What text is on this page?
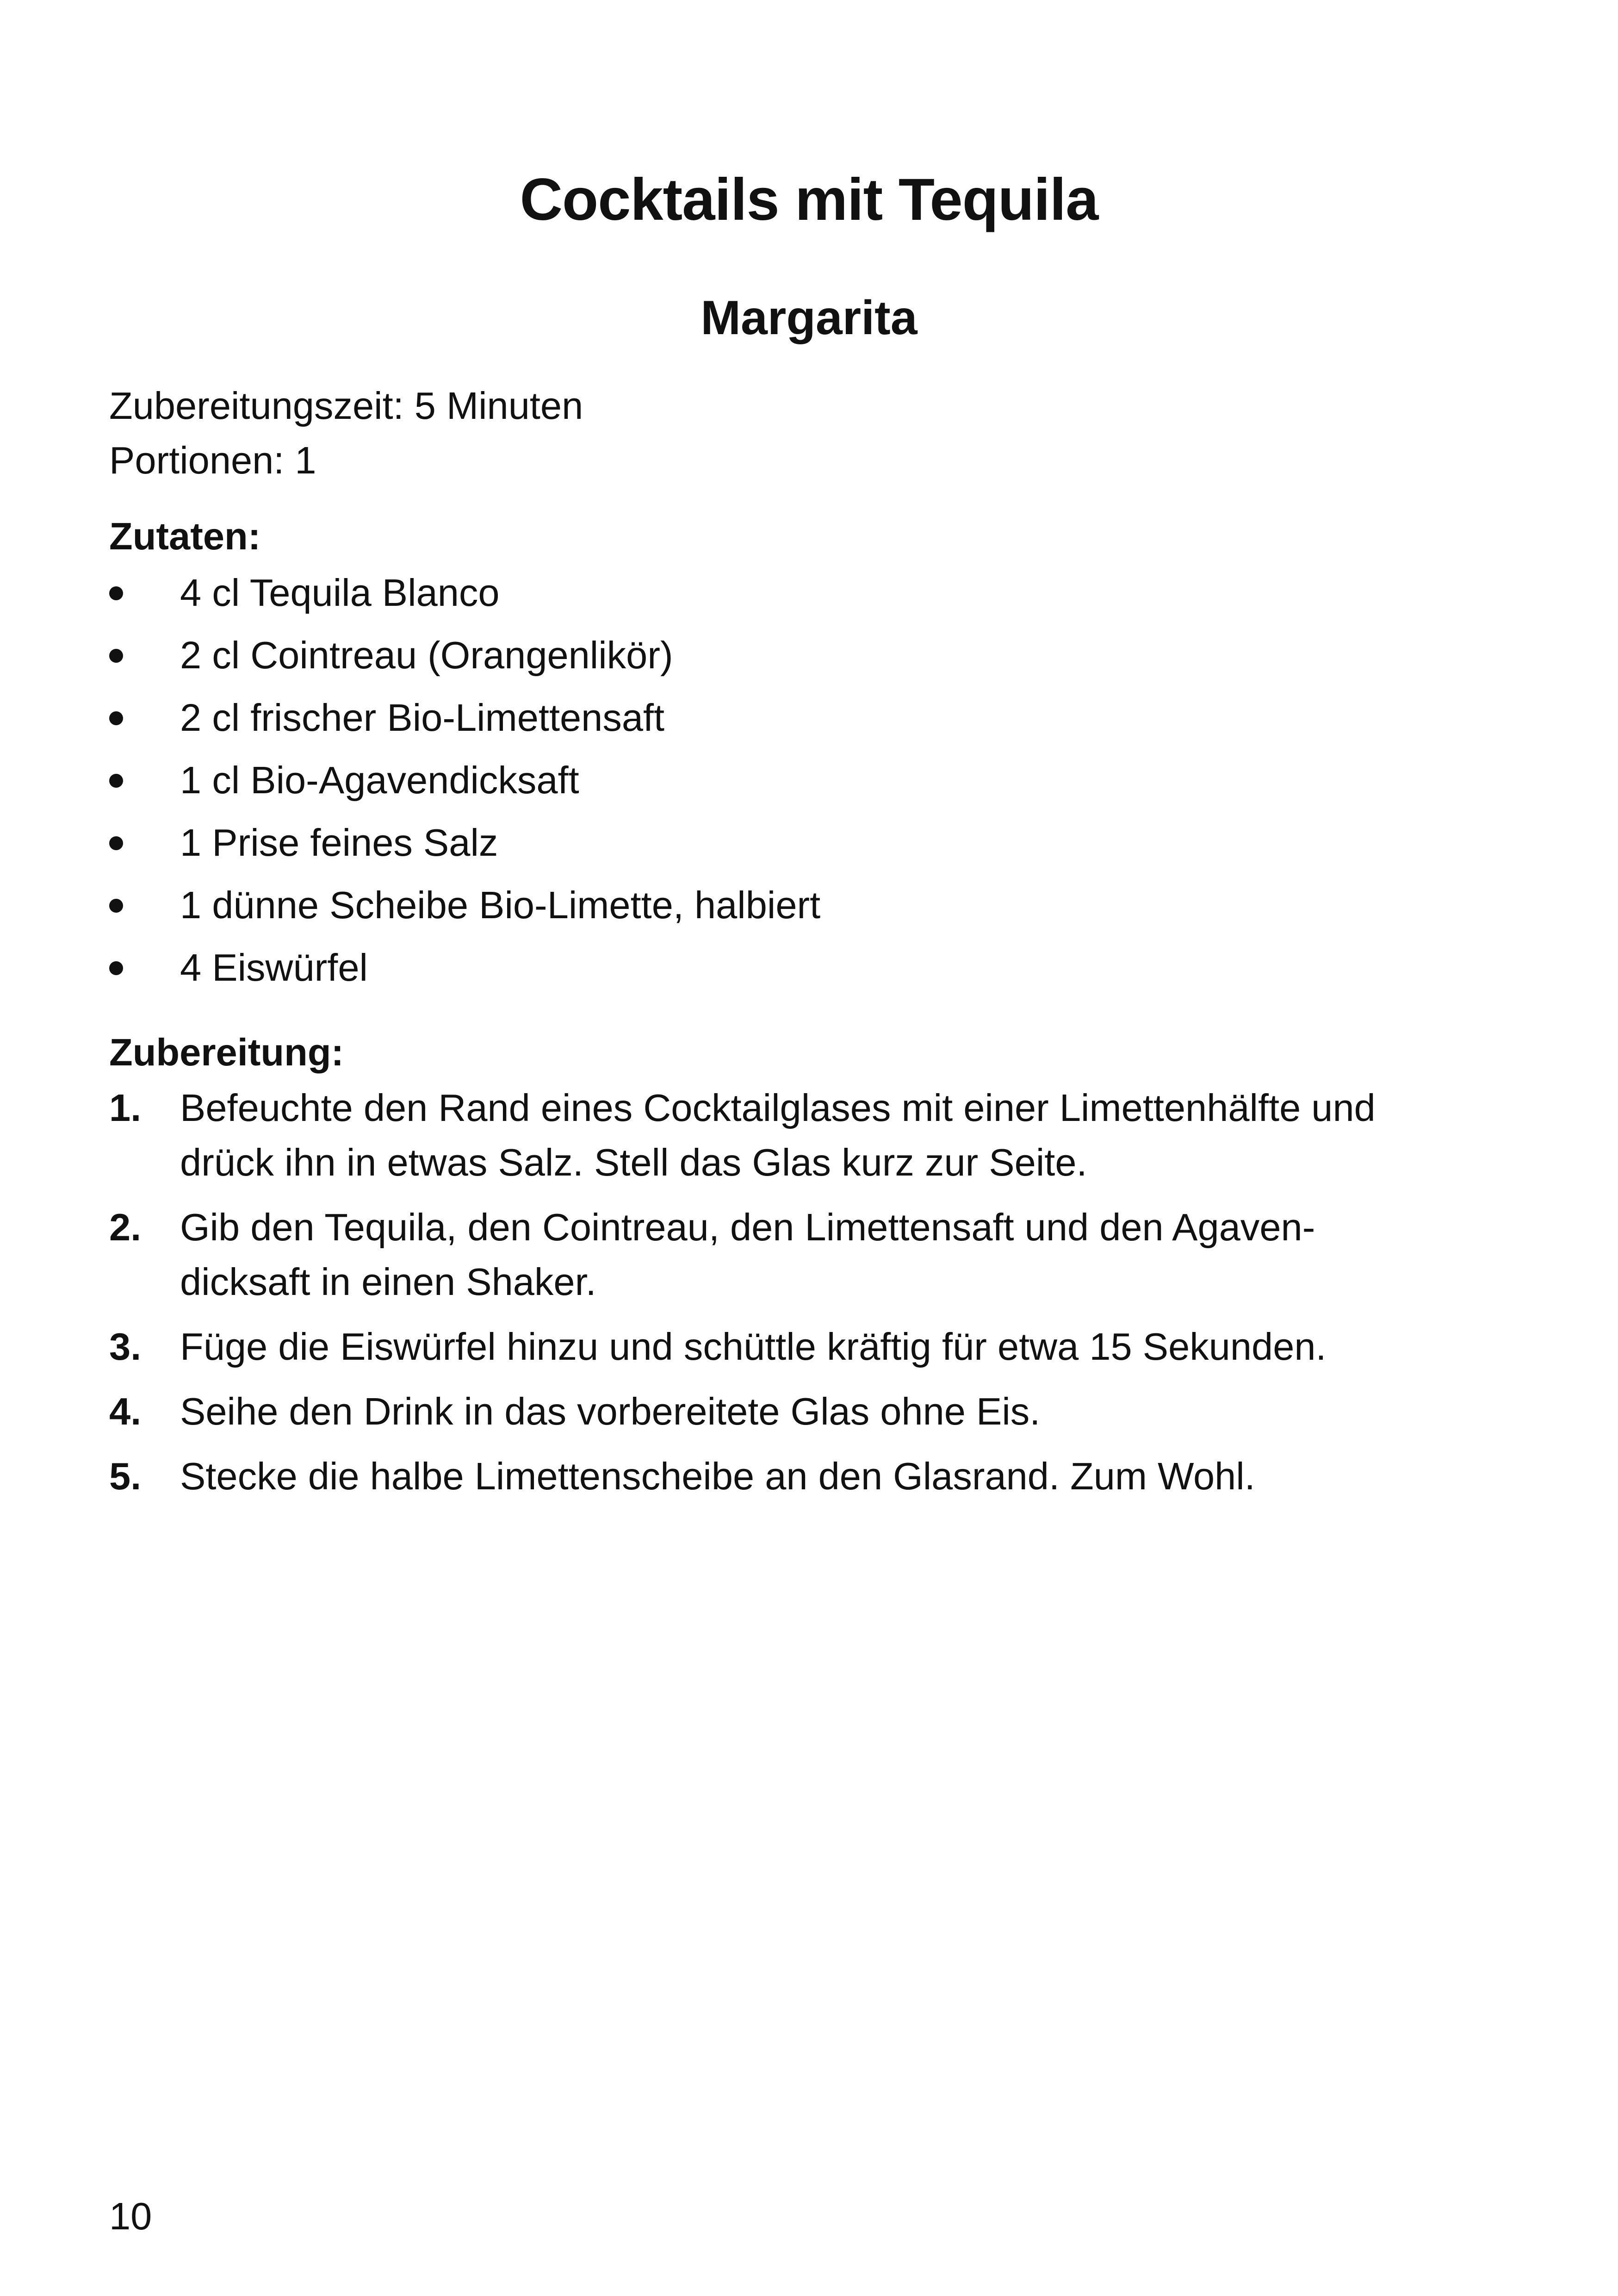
Cocktails mit Tequila
Margarita
Zubereitungszeit: 5 Minuten
Portionen: 1
Zutaten:
4 cl Tequila Blanco
2 cl Cointreau (Orangenlikör)
2 cl frischer Bio-Limettensaft
1 cl Bio-Agavendicksaft
1 Prise feines Salz
1 dünne Scheibe Bio-Limette, halbiert
4 Eiswürfel
Zubereitung:
1. Befeuchte den Rand eines Cocktailglases mit einer Limettenhälfte und drück ihn in etwas Salz. Stell das Glas kurz zur Seite.
2. Gib den Tequila, den Cointreau, den Limettensaft und den Agavendicksaft in einen Shaker.
3. Füge die Eiswürfel hinzu und schüttle kräftig für etwa 15 Sekunden.
4. Seihe den Drink in das vorbereitete Glas ohne Eis.
5. Stecke die halbe Limettenscheibe an den Glasrand. Zum Wohl.
10
